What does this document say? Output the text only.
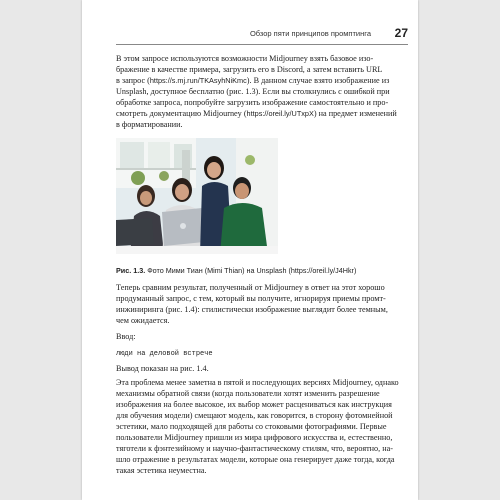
Обзор пяти принципов промптинга 27

В этом запросе используются возможности Midjourney взять базовое изо-
бражение в качестве примера, загрузить его в Discord, а затем вставить URL
в запрос (https://s.mj.run/TKAsyhNiKmc). В данном случае взято изображение из
Unsplash, доступное бесплатно (рис. 1.3). Если вы столкнулись с ошибкой при
обработке запроса, попробуйте загрузить изображение самостоятельно и про-
смотреть документацию Midjourney (https://oreil.ly/UTxpX) на предмет изменений
в форматировании.

Рис. 1.3. Фото Мими Тиан (Mimi Thian) на Unsplash (https://oreil.ly/J4Hkr)

Теперь сравним результат, полученный от Midjourney в ответ на этот хорошо
продуманный запрос, с тем, который вы получите, игнорируя приемы промт-
инжиниринга (рис. 1.4): стилистически изображение выглядит более темным,
чем ожидается.

Ввод:

люди на деловой встрече

Вывод показан на рис. 1.4.

Эта проблема менее заметна в пятой и последующих версиях Midjourney, однако
механизмы обратной связи (когда пользователи хотят изменить разрешение
изображения на более высокое, их выбор может расцениваться как инструкция
для обучения модели) смещают модель, как говорится, в сторону фотомнейной
эстетики, мало подходящей для работы со стоковыми фотографиями. Первые
пользователи Midjourney пришли из мира цифрового искусства и, естественно,
тяготели к фэнтезийному и научно-фантастическому стилям, что, вероятно, на-
шло отражение в результатах модели, которые она генерирует даже тогда, когда
такая эстетика неуместна.
